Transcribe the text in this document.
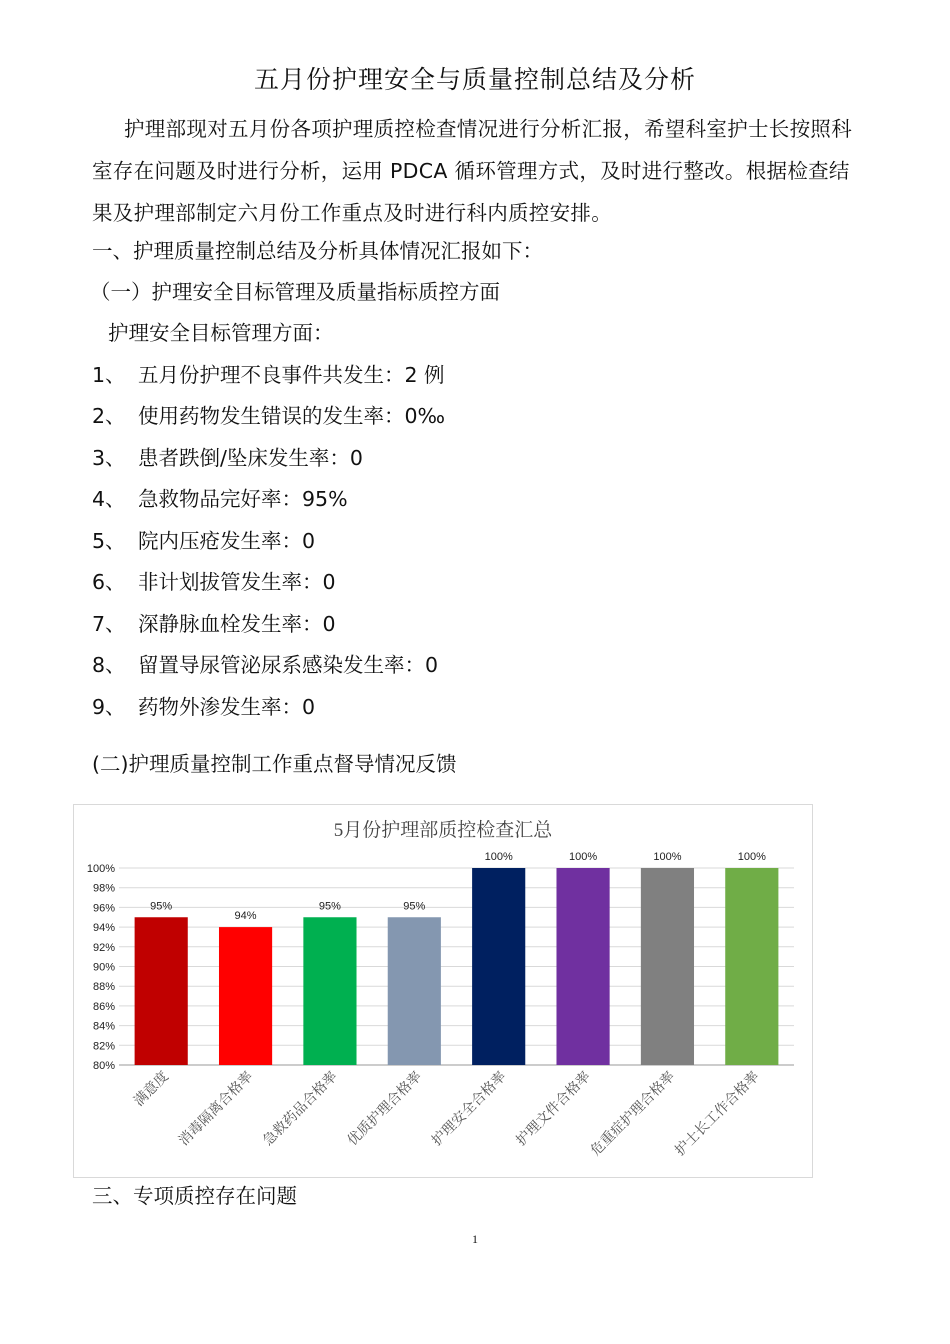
五月份护理安全与质量控制总结及分析
护理部现对五月份各项护理质控检查情况进行分析汇报，希望科室护士长按照科室存在问题及时进行分析，运用 PDCA 循环管理方式，及时进行整改。根据检查结果及护理部制定六月份工作重点及时进行科内质控安排。
一、护理质量控制总结及分析具体情况汇报如下：
（一）护理安全目标管理及质量指标质控方面
护理安全目标管理方面：
1、 五月份护理不良事件共发生：2 例
2、 使用药物发生错误的发生率：0‰
3、 患者跌倒/坠床发生率：0
4、 急救物品完好率：95%
5、 院内压疮发生率：0
6、 非计划拔管发生率：0
7、 深静脉血栓发生率：0
8、 留置导尿管泌尿系感染发生率：0
9、 药物外渗发生率：0
(二)护理质量控制工作重点督导情况反馈
5月份护理部质控检查汇总
80%
82%
84%
86%
88%
90%
92%
94%
96%
98%
100%
95%
满意度
94%
消毒隔离合格率
95%
急救药品合格率
95%
优质护理合格率
100%
护理安全合格率
100%
护理文件合格率
100%
危重症护理合格率
100%
护士长工作合格率
三、专项质控存在问题
1
